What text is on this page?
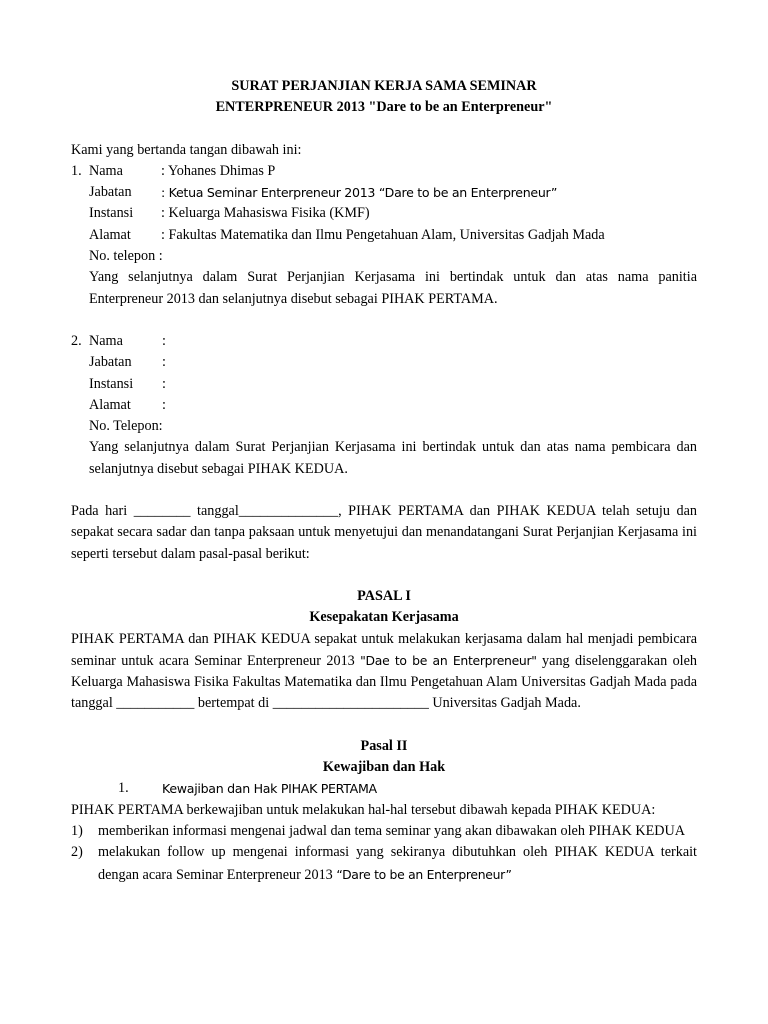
SURAT PERJANJIAN KERJA SAMA SEMINAR
ENTERPRENEUR 2013 "Dare to be an Enterpreneur"
Kami yang bertanda tangan dibawah ini:
1. Nama	: Yohanes Dhimas P
Jabatan	: Ketua Seminar Enterpreneur 2013 “Dare to be an Enterpreneur”
Instansi	: Keluarga Mahasiswa Fisika (KMF)
Alamat	: Fakultas Matematika dan Ilmu Pengetahuan Alam, Universitas Gadjah Mada
No. telepon :
Yang selanjutnya dalam Surat Perjanjian Kerjasama ini bertindak untuk dan atas nama panitia Enterpreneur 2013 dan selanjutnya disebut sebagai PIHAK PERTAMA.
2. Nama	:
Jabatan	:
Instansi	:
Alamat	:
No. Telepon:
Yang selanjutnya dalam Surat Perjanjian Kerjasama ini bertindak untuk dan atas nama pembicara dan selanjutnya disebut sebagai PIHAK KEDUA.
Pada hari ________ tanggal______________, PIHAK PERTAMA dan PIHAK KEDUA telah setuju dan sepakat secara sadar dan tanpa paksaan untuk menyetujui dan menandatangani Surat Perjanjian Kerjasama ini seperti tersebut dalam pasal-pasal berikut:
PASAL I
Kesepakatan Kerjasama
PIHAK PERTAMA dan PIHAK KEDUA sepakat untuk melakukan kerjasama dalam hal menjadi pembicara seminar untuk acara Seminar Enterpreneur 2013 "Dae to be an Enterpreneur" yang diselenggarakan oleh Keluarga Mahasiswa Fisika Fakultas Matematika dan Ilmu Pengetahuan Alam Universitas Gadjah Mada pada tanggal ___________ bertempat di ______________________ Universitas Gadjah Mada.
Pasal II
Kewajiban dan Hak
1.	Kewajiban dan Hak PIHAK PERTAMA
PIHAK PERTAMA berkewajiban untuk melakukan hal-hal tersebut dibawah kepada PIHAK KEDUA:
1)	memberikan informasi mengenai jadwal dan tema seminar yang akan dibawakan oleh PIHAK KEDUA
2)	melakukan follow up mengenai informasi yang sekiranya dibutuhkan oleh PIHAK KEDUA terkait dengan acara Seminar Enterpreneur 2013 “Dare to be an Enterpreneur”
